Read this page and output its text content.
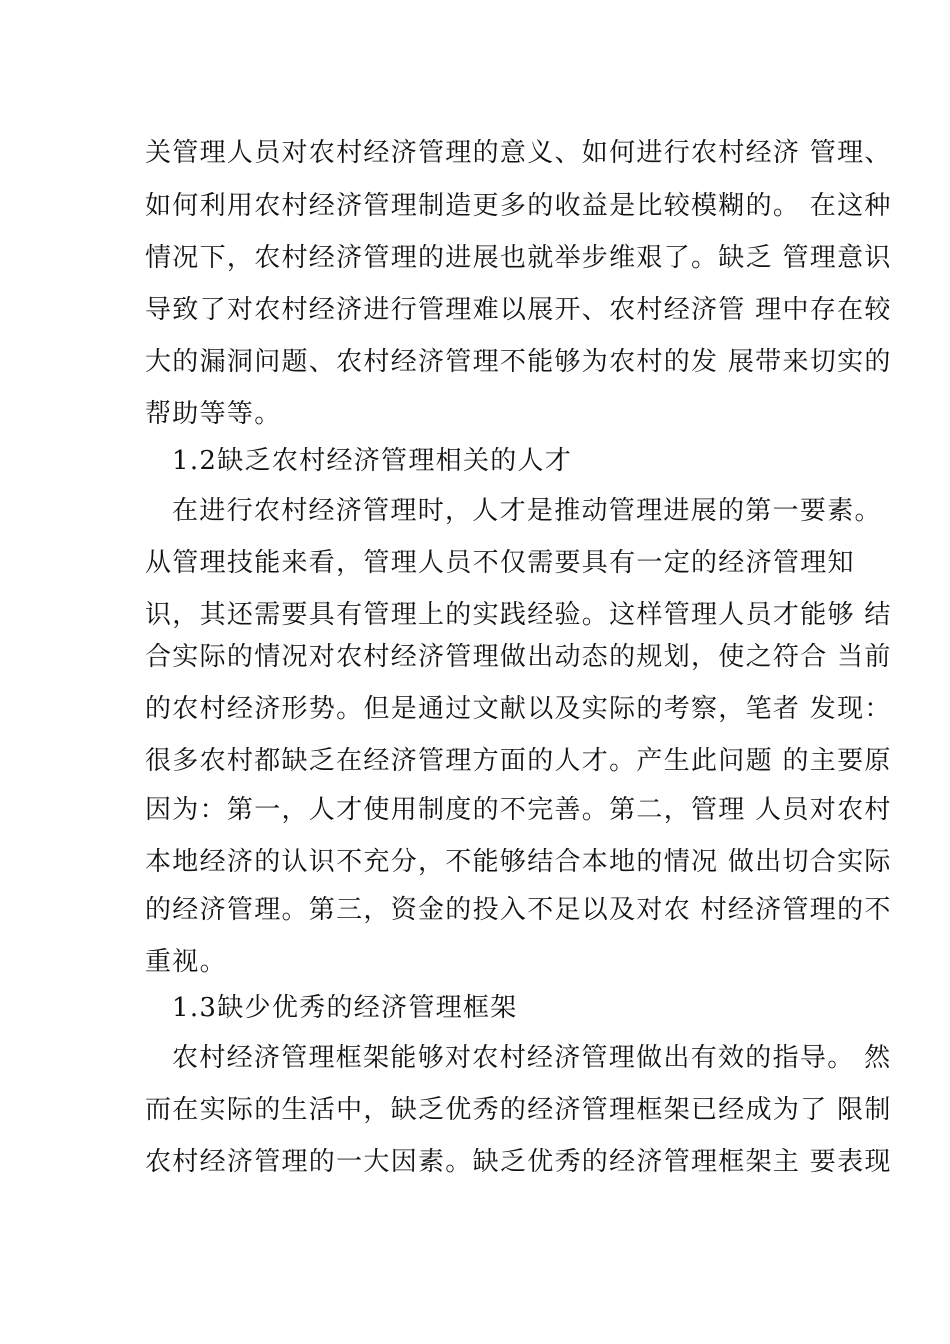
关管理人员对农村经济管理的意义、如何进行农村经济 管理、
如何利用农村经济管理制造更多的收益是比较模糊的。 在这种
情况下，农村经济管理的进展也就举步维艰了。缺乏 管理意识
导致了对农村经济进行管理难以展开、农村经济管 理中存在较
大的漏洞问题、农村经济管理不能够为农村的发 展带来切实的
帮助等等。
1.2缺乏农村经济管理相关的人才
在进行农村经济管理时，人才是推动管理进展的第一要素。
从管理技能来看，管理人员不仅需要具有一定的经济管理知
识，其还需要具有管理上的实践经验。这样管理人员才能够 结
合实际的情况对农村经济管理做出动态的规划，使之符合 当前
的农村经济形势。但是通过文献以及实际的考察，笔者 发现：
很多农村都缺乏在经济管理方面的人才。产生此问题 的主要原
因为：第一，人才使用制度的不完善。第二，管理 人员对农村
本地经济的认识不充分，不能够结合本地的情况 做出切合实际
的经济管理。第三，资金的投入不足以及对农 村经济管理的不
重视。
1.3缺少优秀的经济管理框架
农村经济管理框架能够对农村经济管理做出有效的指导。 然
而在实际的生活中，缺乏优秀的经济管理框架已经成为了 限制
农村经济管理的一大因素。缺乏优秀的经济管理框架主 要表现
